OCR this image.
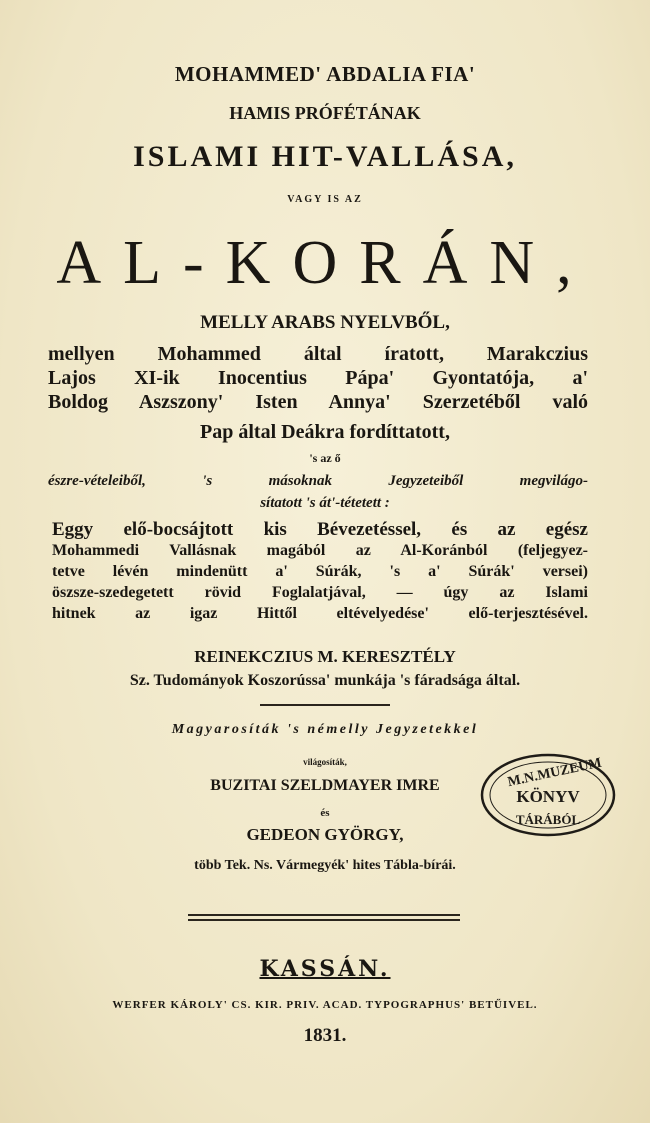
MOHAMMED' ABDALIA FIA'
HAMIS PRÓFÉTÁNAK
ISLAMI HIT-VALLÁSA,
VAGY IS AZ
AL-KORÁN,
MELLY ARABS NYELVBŐL,
mellyen Mohammed által íratott, Marakczius
Lajos XI-ik Inocentius Pápa' Gyontatója, a'
Boldog Aszszony' Isten Annya' Szerzetéből való
Pap által Deákra fordíttatott,
's az ő
észre-vételeiből, 's másoknak Jegyzeteiből megvilágo-
sítatott 's át'-tétetett :
Eggy elő-bocsájtott kis Bévezetéssel, és az egész
Mohammedi Vallásnak magából az Al-Koránból (feljegyez-
tetve lévén mindenütt a' Súrák, 's a' Súrák' versei)
öszsze-szedegetett rövid Foglalatjával, — úgy az Islami
hitnek az igaz Hittől eltévelyedése' elő-terjesztésével.
REINEKCZIUS M. KERESZTÉLY
Sz. Tudományok Koszorússa' munkája 's fáradsága által.
Magyarosíták 's némelly Jegyzetekkel
világosíták,
BUZITAI SZELDMAYER IMRE
és
GEDEON GYÖRGY,
több Tek. Ns. Vármegyék' hites Tábla-bírái.
KASSÁN.
WERFER KÁROLY' CS. KIR. PRIV. ACAD. TYPOGRAPHUS' BETŰIVEL.
1831.
M.N.MUZEUM
KÖNYV
TÁRÁBÓL
